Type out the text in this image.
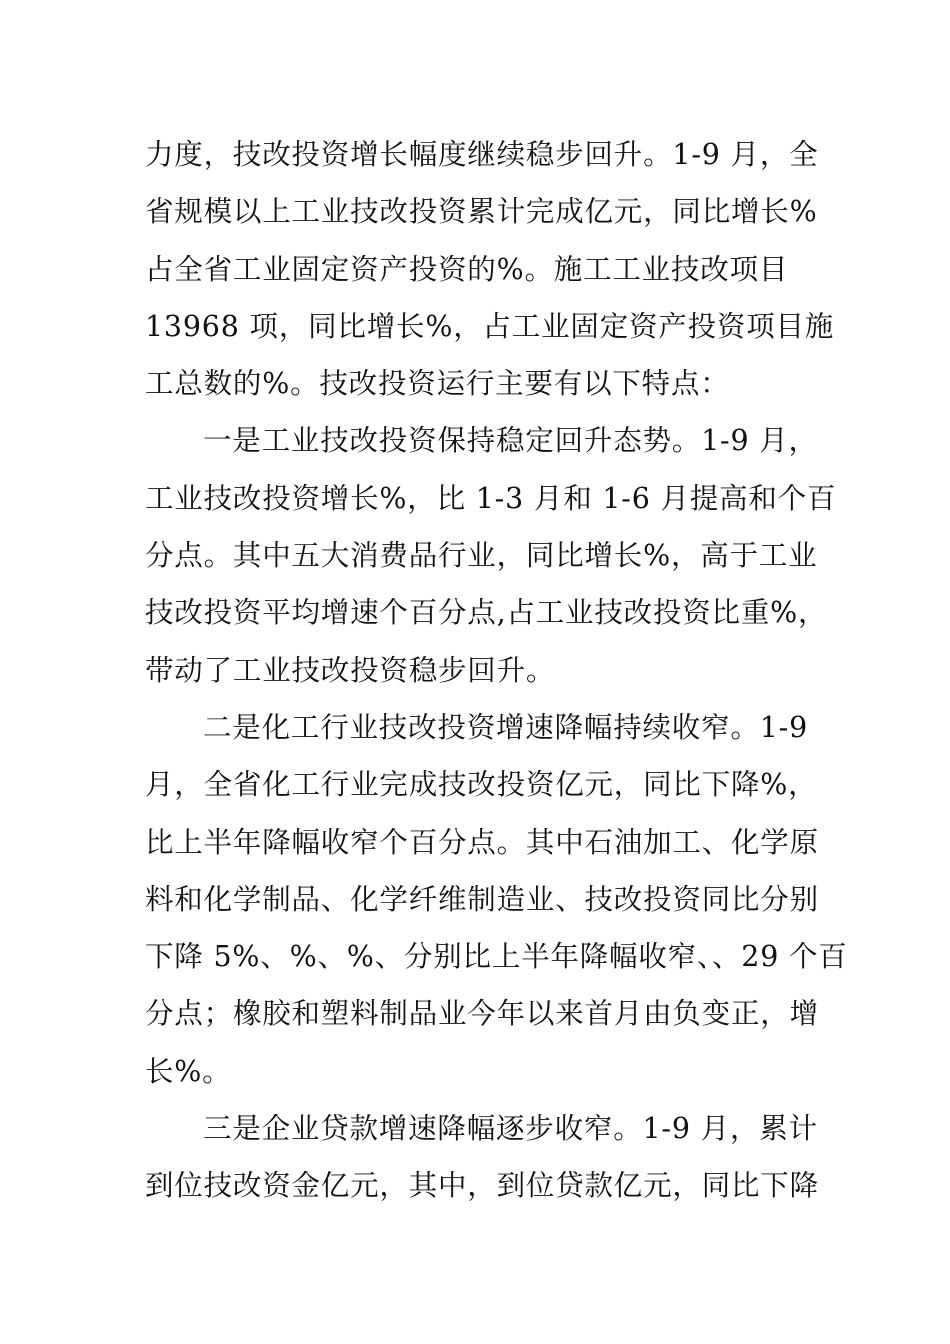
力度，技改投资增长幅度继续稳步回升。1-9 月，全
省规模以上工业技改投资累计完成亿元，同比增长%
占全省工业固定资产投资的%。施工工业技改项目
13968 项，同比增长%，占工业固定资产投资项目施
工总数的%。技改投资运行主要有以下特点：
一是工业技改投资保持稳定回升态势。1-9 月，
工业技改投资增长%，比 1-3 月和 1-6 月提高和个百
分点。其中五大消费品行业，同比增长%，高于工业
技改投资平均增速个百分点,占工业技改投资比重%，
带动了工业技改投资稳步回升。
二是化工行业技改投资增速降幅持续收窄。1-9
月，全省化工行业完成技改投资亿元，同比下降%，
比上半年降幅收窄个百分点。其中石油加工、化学原
料和化学制品、化学纤维制造业、技改投资同比分别
下降 5%、%、%、分别比上半年降幅收窄、、29 个百
分点；橡胶和塑料制品业今年以来首月由负变正，增
长%。
三是企业贷款增速降幅逐步收窄。1-9 月，累计
到位技改资金亿元，其中，到位贷款亿元，同比下降
